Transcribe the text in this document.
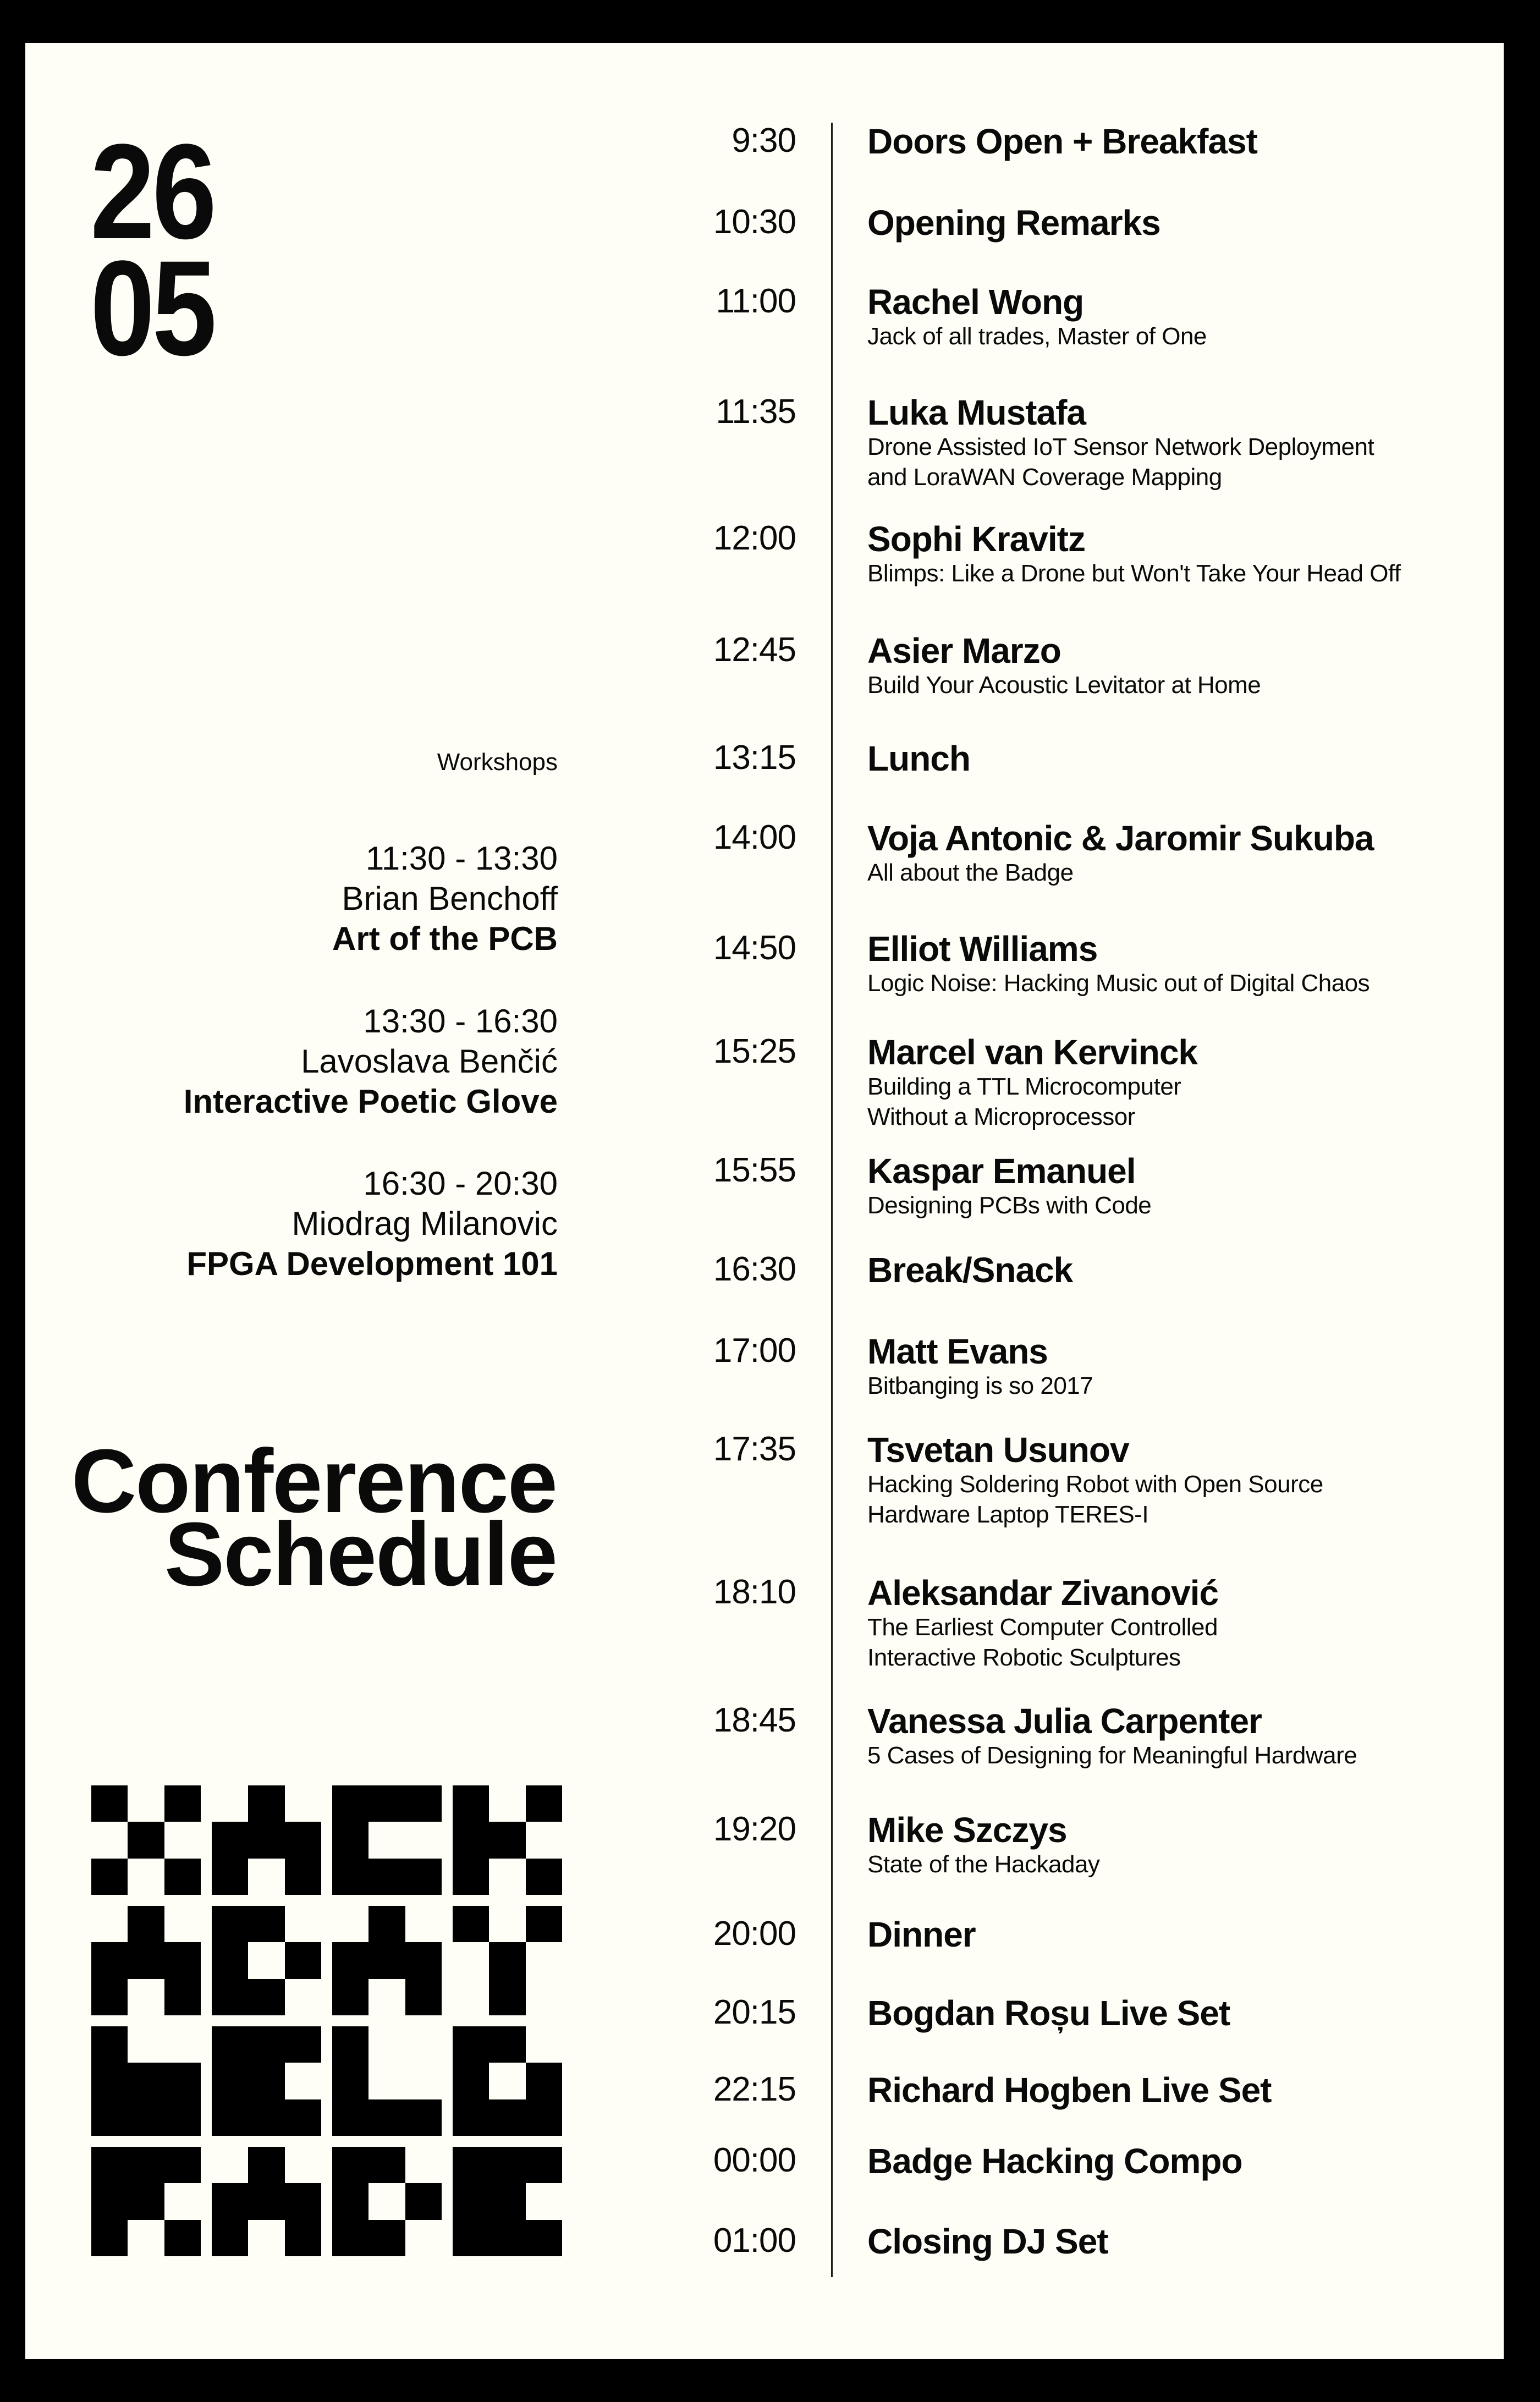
26
05
Workshops
11:30 - 13:30
Brian Benchoff
Art of the PCB
13:30 - 16:30
Lavoslava Benčić
Interactive Poetic Glove
16:30 - 20:30
Miodrag Milanovic
FPGA Development 101
Conference
Schedule
9:30 Doors Open + Breakfast
10:30 Opening Remarks
11:00 Rachel Wong
Jack of all trades, Master of One
11:35 Luka Mustafa
Drone Assisted IoT Sensor Network Deployment
and LoraWAN Coverage Mapping
12:00 Sophi Kravitz
Blimps: Like a Drone but Won't Take Your Head Off
12:45 Asier Marzo
Build Your Acoustic Levitator at Home
13:15 Lunch
14:00 Voja Antonic & Jaromir Sukuba
All about the Badge
14:50 Elliot Williams
Logic Noise: Hacking Music out of Digital Chaos
15:25 Marcel van Kervinck
Building a TTL Microcomputer
Without a Microprocessor
15:55 Kaspar Emanuel
Designing PCBs with Code
16:30 Break/Snack
17:00 Matt Evans
Bitbanging is so 2017
17:35 Tsvetan Usunov
Hacking Soldering Robot with Open Source
Hardware Laptop TERES-I
18:10 Aleksandar Zivanović
The Earliest Computer Controlled
Interactive Robotic Sculptures
18:45 Vanessa Julia Carpenter
5 Cases of Designing for Meaningful Hardware
19:20 Mike Szczys
State of the Hackaday
20:00 Dinner
20:15 Bogdan Roșu Live Set
22:15 Richard Hogben Live Set
00:00 Badge Hacking Compo
01:00 Closing DJ Set
